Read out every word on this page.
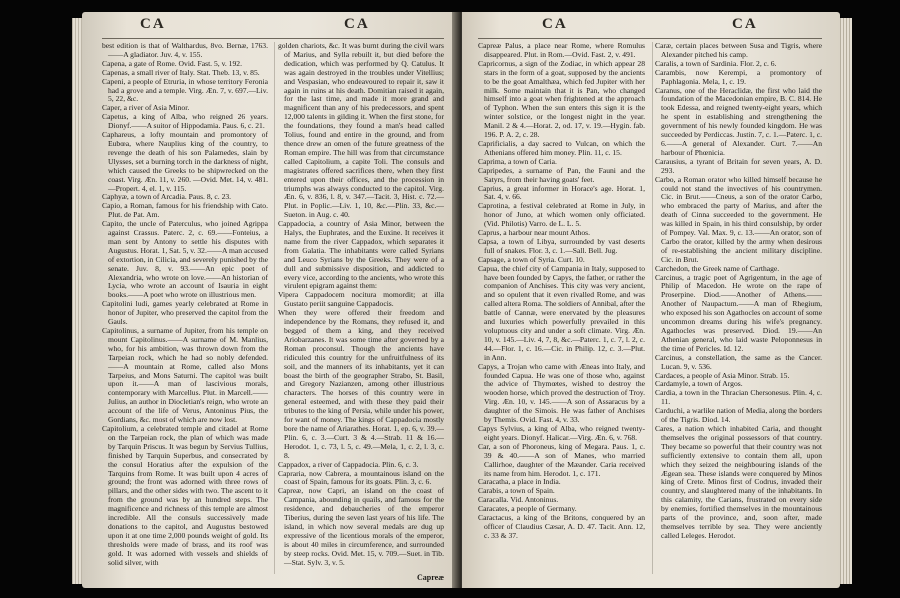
CA	CA

best edition is that of Walthardus, 8vo. Bernæ, 1763. ——A gladiator. Juv. 4, v. 155.

Capena, a gate of Rome. Ovid. Fast. 5, v. 192.

Capenas, a small river of Italy. Stat. Theb. 13, v. 85.

Capeni, a people of Etruria, in whose territory Feronia had a grove and a temple. Virg. Æn. 7, v. 697.—Liv. 5, 22, &c.

Caper, a river of Asia Minor.

Capetus, a king of Alba, who reigned 26 years. Dionyf.——A suitor of Hippodamia. Paus. 6, c. 21.

Caphareus, a lofty mountain and promontory of Eubœa, where Nauplius king of the country, to revenge the death of his son Palamedes, slain by Ulysses, set a burning torch in the darkness of night, which caused the Greeks to be shipwrecked on the coast. Virg. Æn. 11, v. 260. —Ovid. Met. 14, v. 481.—Propert. 4, el. 1, v. 115.

Caphyæ, a town of Arcadia. Paus. 8, c. 23.

Capio, a Roman, famous for his friendship with Cato. Plut. de Pat. Am.

Capito, the uncle of Paterculus, who joined Agrippa against Crassus. Paterc. 2, c. 69.——Fonteius, a man sent by Antony to settle his disputes with Augustus. Horat. 1, Sat. 5, v. 32.——A man accused of extortion, in Cilicia, and severely punished by the senate. Juv. 8, v. 93.——An epic poet of Alexandria, who wrote on love.——An historian of Lycia, who wrote an account of Isauria in eight books.——A poet who wrote on illustrious men.

Capitolini ludi, games yearly celebrated at Rome in honor of Jupiter, who preserved the capitol from the Gauls.

Capitolinus, a surname of Jupiter, from his temple on mount Capitolinus.——A surname of M. Manlius, who, for his ambition, was thrown down from the Tarpeian rock, which he had so nobly defended.——A mountain at Rome, called also Mons Tarpeius, and Mons Saturni. The capitol was built upon it.——A man of lascivious morals, contemporary with Marcellus. Plut. in Marcell.——Julius, an author in Diocletian's reign, who wrote an account of the life of Verus, Antoninus Pius, the Gordians, &c. most of which are now lost.

Capitolium, a celebrated temple and citadel at Rome on the Tarpeian rock, the plan of which was made by Tarquin Priscus. It was begun by Servius Tullius, finished by Tarquin Superbus, and consecrated by the consul Horatius after the expulsion of the Tarquins from Rome. It was built upon 4 acres of ground; the front was adorned with three rows of pillars, and the other sides with two. The ascent to it from the ground was by an hundred steps. The magnificence and richness of this temple are almost incredible. All the consuls successively made donations to the capitol, and Augustus bestowed upon it at one time 2,000 pounds weight of gold. Its thresholds were made of brass, and its roof was gold. It was adorned with vessels and shields of solid silver, with

golden chariots, &c. It was burnt during the civil wars of Marius, and Sylla rebuilt it, but died before the dedication, which was performed by Q. Catulus. It was again destroyed in the troubles under Vitellius; and Vespasian, who endeavoured to repair it, saw it again in ruins at his death. Domitian raised it again, for the last time, and made it more grand and magnificent than any of his predecessors, and spent 12,000 talents in gilding it. When the first stone, for the foundations, they found a man's head called Tolius, found and entire in the ground, and from thence drew an omen of the future greatness of the Roman empire. The hill was from that circumstance called Capitolium, a capite Toli. The consuls and magistrates offered sacrifices there, when they first entered upon their offices, and the procession in triumphs was always conducted to the capitol. Virg. Æn. 6, v. 836, l. 8, v. 347.—Tacit. 3, Hist. c. 72.—Plut. in Poplic.—Liv. 1, 10, &c.—Plin. 33, &c.—Sueton. in Aug. c. 40.

Cappadocia, a country of Asia Minor, between the Halys, the Euphrates, and the Euxine. It receives it name from the river Cappadox, which separates it from Galatia. The inhabitants were called Syrians and Leuco Syrians by the Greeks. They were of a dull and submissive disposition, and addicted to every vice, according to the ancients, who wrote this virulent epigram against them:

Vipera Cappadocem nocitura momordit; at illa Gustato periit sanguine Cappadocis.

When they were offered their freedom and independence by the Romans, they refused it, and begged of them a king, and they received Ariobarzanes. It was some time after governed by a Roman proconsul. Though the ancients have ridiculed this country for the unfruitfulness of its soil, and the manners of its inhabitants, yet it can boast the birth of the geographer Strabo, St. Basil, and Gregory Nazianzen, among other illustrious characters. The horses of this country were in general esteemed, and with these they paid their tributes to the king of Persia, while under his power, for want of money. The kings of Cappadocia mostly bore the name of Ariarathes. Horat. 1, ep. 6, v. 39.—Plin. 6, c. 3.—Curt. 3 & 4.—Strab. 11 & 16.—Herodot. 1, c. 73, l. 5, c. 49.—Mela, 1, c. 2, l. 3, c. 8.

Cappadox, a river of Cappadocia. Plin. 6, c. 3.

Capraria, now Cabrera, a mountainous island on the coast of Spain, famous for its goats. Plin. 3, c. 6.

Capreæ, now Capri, an island on the coast of Campania, abounding in quails, and famous for the residence, and debaucheries of the emperor Tiberius, during the seven last years of his life. The island, in which now several medals are dug up expressive of the licentious morals of the emperor, is about 40 miles in circumference, and surrounded by steep rocks. Ovid. Met. 15, v. 709.—Suet. in Tib.—Stat. Sylv. 3, v. 5.

Capreæ
CA	CA

Capreæ Palus, a place near Rome, where Romulus disappeared. Plut. in Rom.—Ovid. Fast. 2, v. 491.

Capricornus, a sign of the Zodiac, in which appear 28 stars in the form of a goat, supposed by the ancients to be the goat Amalthæa, which fed Jupiter with her milk. Some maintain that it is Pan, who changed himself into a goat when frightened at the approach of Typhon. When the sun enters this sign it is the winter solstice, or the longest night in the year. Manil. 2 & 4.—Horat. 2, od. 17, v. 19.—Hygin. fab. 196. P. A. 2, c. 28.

Caprificialis, a day sacred to Vulcan, on which the Athenians offered him money. Plin. 11, c. 15.

Caprima, a town of Caria.

Capripedes, a surname of Pan, the Fauni and the Satyrs, from their having goats' feet.

Caprius, a great informer in Horace's age. Horat. 1, Sat. 4, v. 66.

Caprotina, a festival celebrated at Rome in July, in honor of Juno, at which women only officiated. (Vid. Philotis) Varro. de L. L. 5.

Caprus, a harbour near mount Athos.

Capsa, a town of Libya, surrounded by vast deserts full of snakes. Flor. 3, c. 1.—Sall. Bell. Jug.

Capsage, a town of Syria. Curt. 10.

Capua, the chief city of Campania in Italy, supposed to have been founded by Capys, the father, or rather the companion of Anchises. This city was very ancient, and so opulent that it even rivalled Rome, and was called altera Roma. The soldiers of Annibal, after the battle of Cannæ, were enervated by the pleasures and luxuries which powerfully prevailed in this voluptuous city and under a soft climate. Virg. Æn. 10, v. 145.—Liv. 4, 7, 8, &c.—Paterc. 1, c. 7, l. 2, c. 44.—Flor. 1, c. 16.—Cic. in Philip. 12, c. 3.—Plut. in Ann.

Capys, a Trojan who came with Æneas into Italy, and founded Capua. He was one of those who, against the advice of Thymœtes, wished to destroy the wooden horse, which proved the destruction of Troy. Virg. Æn. 10, v. 145.——A son of Assaracus by a daughter of the Simois. He was father of Anchises by Themis. Ovid. Fast. 4, v. 33.

Capys Sylvius, a king of Alba, who reigned twenty-eight years. Dionyf. Halicar.—Virg. Æn. 6, v. 768.

Car, a son of Phoroneus, king of Megara. Paus. 1, c. 39 & 40.——A son of Manes, who married Callirhoe, daughter of the Mæander. Caria received its name from him. Herodot. 1, c. 171.

Caracatha, a place in India.

Carabis, a town of Spain.

Caracalla. Vid. Antoninus.

Caracates, a people of Germany.

Caractacus, a king of the Britons, conquered by an officer of Claudius Cæsar, A. D. 47. Tacit. Ann. 12, c. 33 & 37.

Caræ, certain places between Susa and Tigris, where Alexander pitched his camp.

Caralis, a town of Sardinia. Flor. 2, c. 6.

Carambis, now Kerempi, a promontory of Paphlagonia. Mela, 1, c. 19.

Caranus, one of the Heraclidæ, the first who laid the foundation of the Macedonian empire, B. C. 814. He took Edessa, and reigned twenty-eight years, which he spent in establishing and strengthening the government of his newly founded kingdom. He was succeeded by Perdiccas. Justin. 7, c. 1.—Paterc. 1, c. 6.——A general of Alexander. Curt. 7.——An harbour of Phœnicia.

Carausius, a tyrant of Britain for seven years, A. D. 293.

Carbo, a Roman orator who killed himself because he could not stand the invectives of his countrymen. Cic. in Brut.——Cneus, a son of the orator Carbo, who embraced the party of Marius, and after the death of Cinna succeeded to the government. He was killed in Spain, in his third consulship, by order of Pompey. Val. Max. 9, c. 13.——An orator, son of Carbo the orator, killed by the army when desirous of re-establishing the ancient military discipline. Cic. in Brut.

Carchedon, the Greek name of Carthage.

Carcinus, a tragic poet of Agrigentum, in the age of Philip of Macedon. He wrote on the rape of Proserpine. Diod.——Another of Athens.——Another of Naupactum.——A man of Rhegium, who exposed his son Agathocles on account of some uncommon dreams during his wife's pregnancy. Agathocles was preserved. Diod. 19.——An Athenian general, who laid waste Peloponnesus in the time of Pericles. Id. 12.

Carcinus, a constellation, the same as the Cancer. Lucan. 9, v. 536.

Cardaces, a people of Asia Minor. Strab. 15.

Cardamyle, a town of Argos.

Cardia, a town in the Thracian Chersonesus. Plin. 4, c. 11.

Carduchi, a warlike nation of Media, along the borders of the Tigris. Diod. 14.

Cares, a nation which inhabited Caria, and thought themselves the original possessors of that country. They became so powerful that their country was not sufficiently extensive to contain them all, upon which they seized the neighbouring islands of the Ægean sea. These islands were conquered by Minos king of Crete. Minos first of Codrus, invaded their country, and slaughtered many of the inhabitants. In this calamity, the Carians, frustrated on every side by enemies, fortified themselves in the mountainous parts of the province, and, soon after, made themselves terrible by sea. They were anciently called Leleges. Herodot.
